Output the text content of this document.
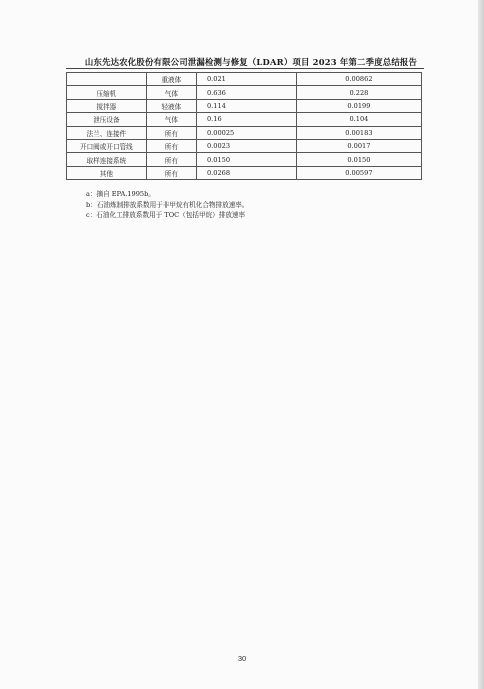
山东先达农化股份有限公司泄漏检测与修复（LDAR）项目 2023 年第二季度总结报告
	重液体	0.021	0.00862
压缩机	气体	0.636	0.228
搅拌器	轻液体	0.114	0.0199
泄压设备	气体	0.16	0.104
法兰、连接件	所有	0.00025	0.00183
开口阀或开口管线	所有	0.0023	0.0017
取样连接系统	所有	0.0150	0.0150
其他	所有	0.0268	0.00597
a：摘自 EPA.1995b。
b：石油炼制排放系数用于非甲烷有机化合物排放速率。
c：石油化工排放系数用于 TOC（包括甲烷）排放速率
30
